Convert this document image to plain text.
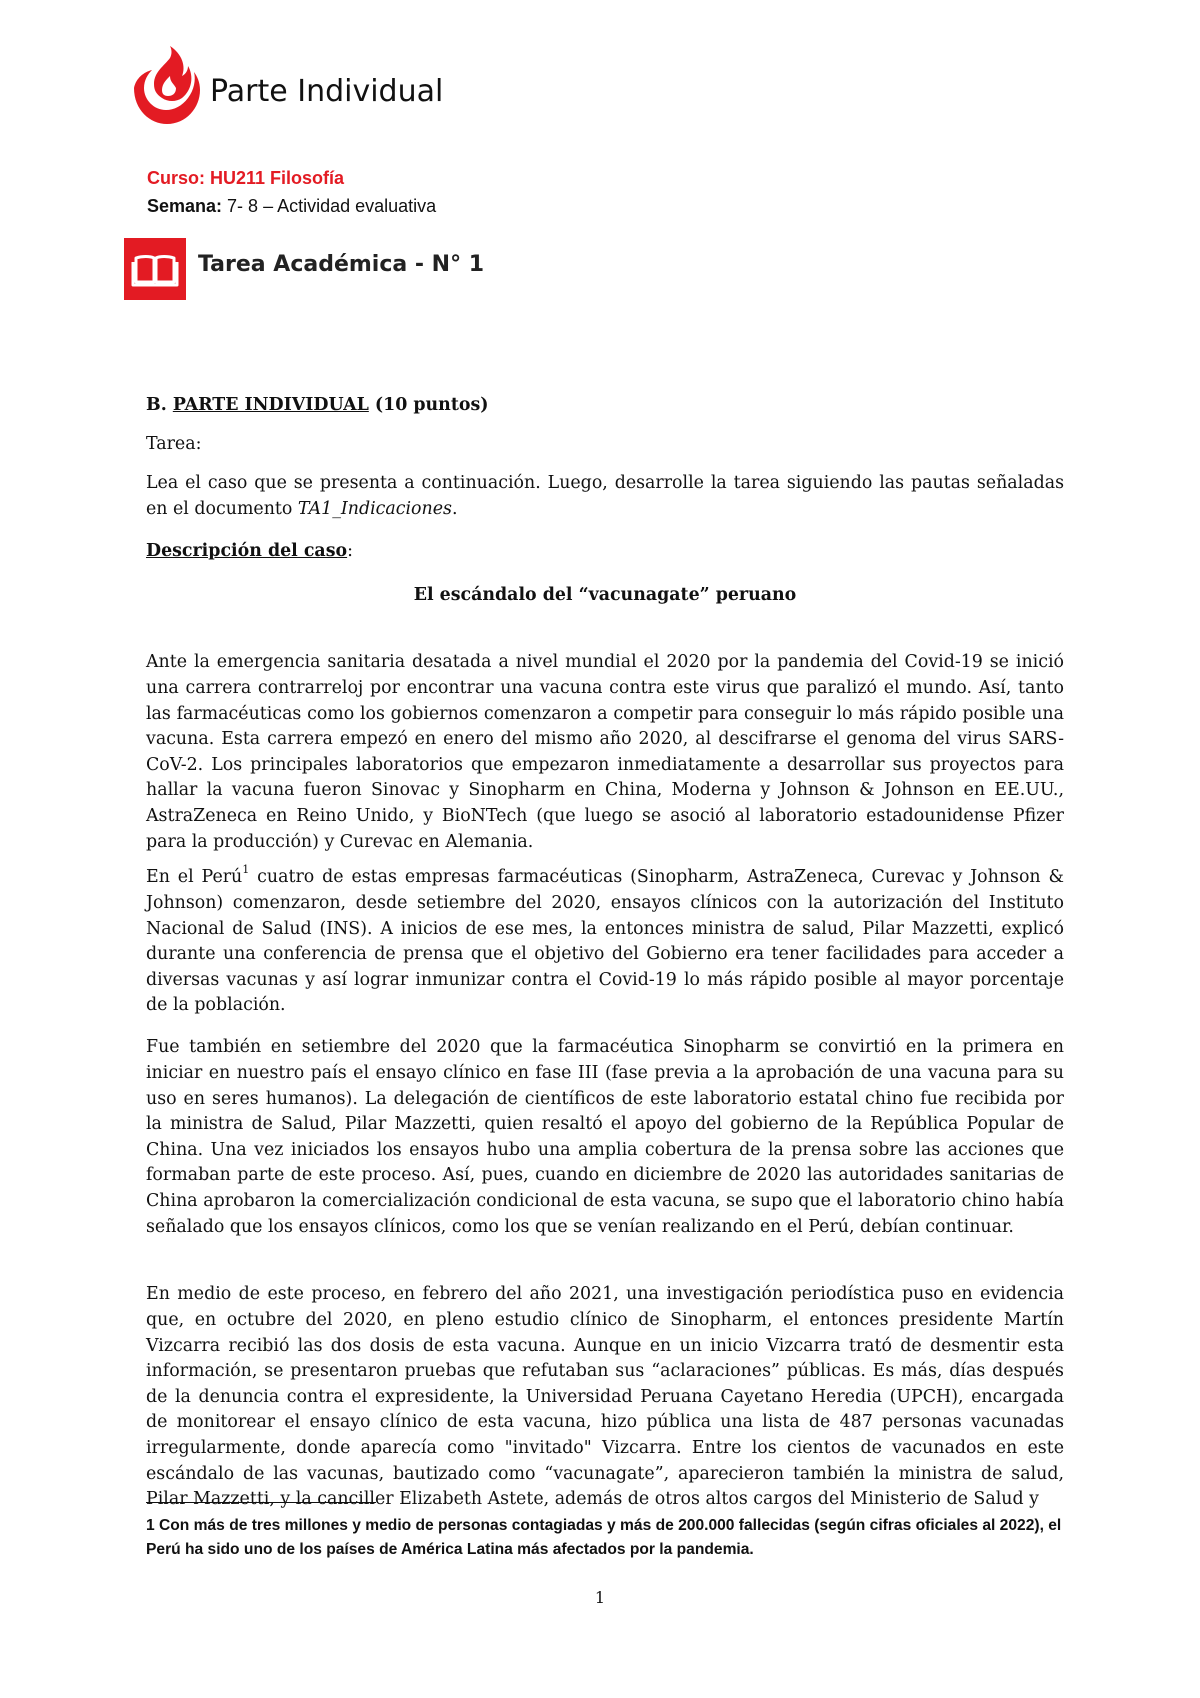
Parte Individual
Curso: HU211 Filosofía
Semana: 7- 8 – Actividad evaluativa
Tarea Académica - N° 1
B. PARTE INDIVIDUAL (10 puntos)
Tarea:
Lea el caso que se presenta a continuación. Luego, desarrolle la tarea siguiendo las pautas señaladas en el documento TA1_Indicaciones.
Descripción del caso:
El escándalo del “vacunagate” peruano

Ante la emergencia sanitaria desatada a nivel mundial el 2020 por la pandemia del Covid-19 se inició una carrera contrarreloj por encontrar una vacuna contra este virus que paralizó el mundo. Así, tanto las farmacéuticas como los gobiernos comenzaron a competir para conseguir lo más rápido posible una vacuna. Esta carrera empezó en enero del mismo año 2020, al descifrarse el genoma del virus SARS-CoV-2. Los principales laboratorios que empezaron inmediatamente a desarrollar sus proyectos para hallar la vacuna fueron Sinovac y Sinopharm en China, Moderna y Johnson & Johnson en EE.UU., AstraZeneca en Reino Unido, y BioNTech (que luego se asoció al laboratorio estadounidense Pfizer para la producción) y Curevac en Alemania.

En el Perú$^1$ cuatro de estas empresas farmacéuticas (Sinopharm, AstraZeneca, Curevac y Johnson & Johnson) comenzaron, desde setiembre del 2020, ensayos clínicos con la autorización del Instituto Nacional de Salud (INS). A inicios de ese mes, la entonces ministra de salud, Pilar Mazzetti, explicó durante una conferencia de prensa que el objetivo del Gobierno era tener facilidades para acceder a diversas vacunas y así lograr inmunizar contra el Covid-19 lo más rápido posible al mayor porcentaje de la población.

Fue también en setiembre del 2020 que la farmacéutica Sinopharm se convirtió en la primera en iniciar en nuestro país el ensayo clínico en fase III (fase previa a la aprobación de una vacuna para su uso en seres humanos). La delegación de científicos de este laboratorio estatal chino fue recibida por la ministra de Salud, Pilar Mazzetti, quien resaltó el apoyo del gobierno de la República Popular de China. Una vez iniciados los ensayos hubo una amplia cobertura de la prensa sobre las acciones que formaban parte de este proceso. Así, pues, cuando en diciembre de 2020 las autoridades sanitarias de China aprobaron la comercialización condicional de esta vacuna, se supo que el laboratorio chino había señalado que los ensayos clínicos, como los que se venían realizando en el Perú, debían continuar.

En medio de este proceso, en febrero del año 2021, una investigación periodística puso en evidencia que, en octubre del 2020, en pleno estudio clínico de Sinopharm, el entonces presidente Martín Vizcarra recibió las dos dosis de esta vacuna. Aunque en un inicio Vizcarra trató de desmentir esta información, se presentaron pruebas que refutaban sus “aclaraciones” públicas. Es más, días después de la denuncia contra el expresidente, la Universidad Peruana Cayetano Heredia (UPCH), encargada de monitorear el ensayo clínico de esta vacuna, hizo pública una lista de 487 personas vacunadas irregularmente, donde aparecía como "invitado" Vizcarra. Entre los cientos de vacunados en este escándalo de las vacunas, bautizado como “vacunagate”, aparecieron también la ministra de salud, Pilar Mazzetti, y la canciller Elizabeth Astete, además de otros altos cargos del Ministerio de Salud y

1 Con más de tres millones y medio de personas contagiadas y más de 200.000 fallecidas (según cifras oficiales al 2022), el Perú ha sido uno de los países de América Latina más afectados por la pandemia.
1
